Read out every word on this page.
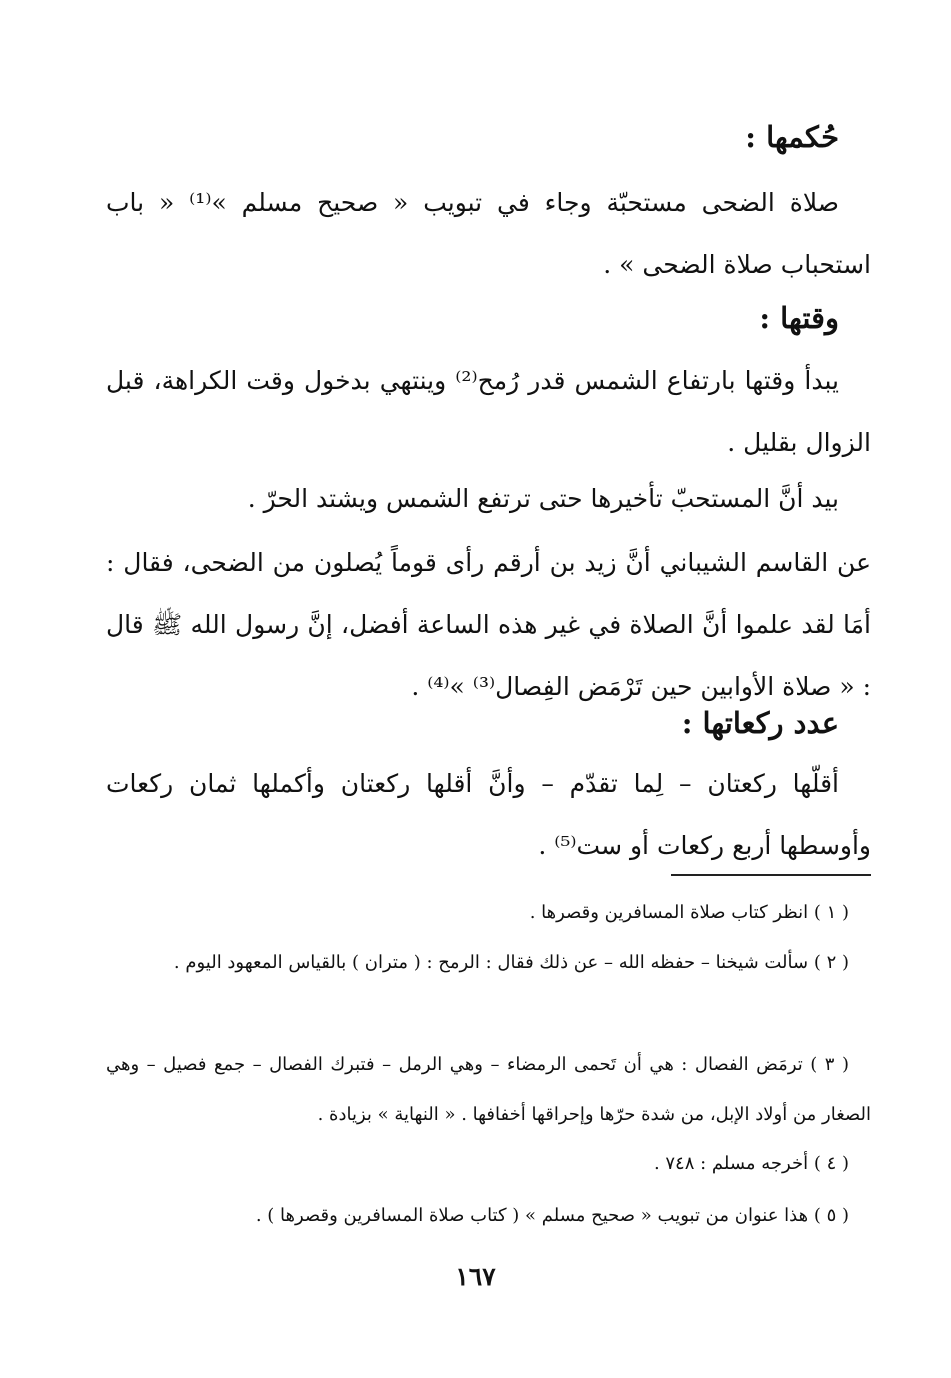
حُكمها :

صلاة الضحى مستحبّة وجاء في تبويب « صحيح مسلم »⁽¹⁾ « باب استحباب صلاة الضحى » .

وقتها :

يبدأ وقتها بارتفاع الشمس قدر رُمح⁽²⁾ وينتهي بدخول وقت الكراهة، قبل الزوال بقليل .

بيد أنَّ المستحبّ تأخيرها حتى ترتفع الشمس ويشتد الحرّ .

عن القاسم الشيباني أنَّ زيد بن أرقم رأى قوماً يُصلون من الضحى، فقال : أمَا لقد علموا أنَّ الصلاة في غير هذه الساعة أفضل، إنَّ رسول الله ﷺ قال : « صلاة الأوابين حين تَرْمَض الفِصال⁽³⁾ »⁽⁴⁾ .

عدد ركعاتها :

أقلّها ركعتان – لِما تقدّم – وأنَّ أقلها ركعتان وأكملها ثمان ركعات وأوسطها أربع ركعات أو ست⁽⁵⁾ .

( ١ ) انظر كتاب صلاة المسافرين وقصرها .

( ٢ ) سألت شيخنا – حفظه الله – عن ذلك فقال : الرمح : ( متران ) بالقياس المعهود اليوم .

( ٣ ) ترمَض الفصال : هي أن تَحمى الرمضاء – وهي الرمل – فتبرك الفصال – جمع فصيل – وهي الصغار من أولاد الإبل، من شدة حرّها وإحراقها أخفافها . « النهاية » بزيادة .

( ٤ ) أخرجه مسلم : ٧٤٨ .
( ٥ ) هذا عنوان من تبويب « صحيح مسلم » ( كتاب صلاة المسافرين وقصرها ) .
١٦٧
